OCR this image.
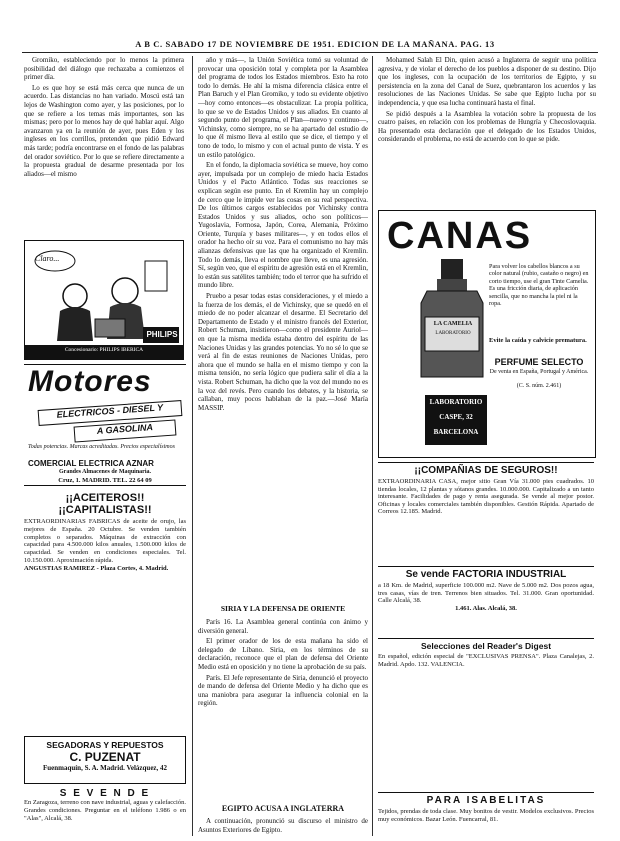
A B C. SABADO 17 DE NOVIEMBRE DE 1951. EDICION DE LA MAÑANA. PAG. 13

Gromiko, estableciendo por lo menos la primera posibilidad del diálogo que rechazaba a comienzos el primer día.

Lo es que hoy se está más cerca que nunca de un acuerdo. Las distancias no han variado. Moscú está tan lejos de Washington como ayer, y las posiciones, por lo que se refiere a los temas más importantes, son las mismas; pero por lo menos hay de qué hablar aquí. Algo avanzaron ya en la reunión de ayer, pues Eden y los ingleses en los corrillos, pretenden que pidió Edward más tarde; podría encontrarse en el fondo de las palabras del orador soviético. Por lo que se refiere directamente a la propuesta gradual de desarme presentada por los aliados—el mismo

año y más—, la Unión Soviética tomó su voluntad de provocar una oposición total y completa por la Asamblea del programa de todos los Estados miembros. Esto ha roto todo lo demás. He ahí la misma diferencia clásica entre el Plan Baruch y el Plan Gromiko, y todo su evidente objetivo—hoy como entonces—es obstaculizar. La propia política, lo que se ve de Estados Unidos y sus aliados. En cuanto al segundo punto del programa, el Plan—nuevo y continuo—, Vichinsky, como siempre, no se ha apartado del estudio de lo que él mismo lleva al estilo que se dice, el tiempo y el tono de todo, lo mismo y con el actual punto de vista. Y es un estilo patológico.

En el fondo, la diplomacia soviética se mueve, hoy como ayer, impulsada por un complejo de miedo hacia Estados Unidos y el Pacto Atlántico. Todas sus reacciones se explican según ese punto. En el Kremlin hay un complejo de cerco que le impide ver las cosas en su real perspectiva. De los últimos cargos establecidos por Vichinsky contra Estados Unidos y sus aliados, ocho son políticos—Yugoslavia, Formosa, Japón, Corea, Alemania, Próximo Oriente, Turquía y bases militares—, y en todos ellos el orador ha hecho oír su voz. Para el comunismo no hay más alianzas defensivas que las que ha organizado el Kremlin. Todo lo demás, lleva el nombre que lleve, es una agresión. Sí, según veo, que el espíritu de agresión está en el Kremlin, lo están sus satélites también; todo el terror que ha sufrido el mundo libre.

Pruebo a pesar todas estas consideraciones, y el miedo a la fuerza de los demás, el de Vichinsky, que se quedó en el miedo de no poder alcanzar el desarme. El Secretario del Departamento de Estado y el ministro francés del Exterior, Robert Schuman, insistieron—como el presidente Auriol—en que la misma medida estaba dentro del espíritu de las Naciones Unidas y las grandes potencias. Yo no sé lo que se verá al fin de estas reuniones de Naciones Unidas, pero ahora que el mundo se halla en el mismo tiempo y con la misma tensión, no sería lógico que pudiera salir el día a la vista. Robert Schuman, ha dicho que la voz del mundo no es la voz del revés. Pero cuando los debates, y la historia, se callaban, muy pocos hablaban de la paz.—José María MASSIP.

SIRIA Y LA DEFENSA DE ORIENTE

París 16. La Asamblea general continúa con ánimo y diversión general.

El primer orador de los de esta mañana ha sido el delegado de Líbano. Siria, en los términos de su declaración, reconoce que el plan de defensa del Oriente Medio está en oposición y no tiene la aprobación de su país.

París. El Jefe representante de Siria, denunció el proyecto de mando de defensa del Oriente Medio y ha dicho que es una maniobra para asegurar la influencia colonial en la región.

EGIPTO ACUSA A INGLATERRA

A continuación, pronunció su discurso el ministro de Asuntos Exteriores de Egipto.

Mohamed Salah El Din, quien acusó a Inglaterra de seguir una política agresiva, y de violar el derecho de los pueblos a disponer de su destino. Dijo que los ingleses, con la ocupación de los territorios de Egipto, y su persistencia en la zona del Canal de Suez, quebrantaron los acuerdos y las resoluciones de las Naciones Unidas. Se sabe que Egipto lucha por su independencia, y que esa lucha continuará hasta el final.

Se pidió después a la Asamblea la votación sobre la propuesta de los cuatro países, en relación con los problemas de Hungría y Checoslovaquia. Ha presentado esta declaración que el delegado de los Estados Unidos, considerando el problema, no está de acuerdo con lo que se pide.

Claro...
PHILIPS
Concesionario: PHILIPS IBERICA
Motores
ELECTRICOS - DIESEL Y
A GASOLINA
Todas potencias. Marcas acreditadas. Precios especialísimos
COMERCIAL ELECTRICA AZNAR
Grandes Almacenes de Maquinaria.
Cruz, 1. MADRID. TEL. 22 64 09
¡¡ACEITEROS!!
¡¡CAPITALISTAS!!
EXTRAORDINARIAS FABRICAS de aceite de orujo, las mejores de España. 20 Octubre. Se venden también completos o separados. Máquinas de extracción con capacidad para 4.500.000 kilos anuales, 1.500.000 kilos de capacidad. Se venden en condiciones especiales. Tel. 10.150.000. Aproximación rápida.
ANGUSTIAS RAMIREZ - Plaza Cortes, 4. Madrid.
SEGADORAS Y REPUESTOS
C. PUZENAT
Fuenmaquín, S. A. Madrid. Velázquez, 42
S E V E N D E
En Zaragoza, terreno con nave industrial, aguas y calefacción. Grandes condiciones. Preguntar en el teléfono 1.986 o en "Alas", Alcalá, 38.
CANAS
LA CAMELIA
LABORATORIO
Para volver los cabellos blancos a su color natural (rubio, castaño o negro) en corto tiempo, use el gran Tinte Camelia. Es una fricción diaria, de aplicación sencilla, que no mancha la piel ni la ropa.
Evite la caída y calvicie prematura.
PERFUME SELECTO
De venta en España, Portugal y América.
(C. S. núm. 2.461)
LABORATORIO
CASPE, 32
BARCELONA
¡¡COMPAÑIAS DE SEGUROS!!
EXTRAORDINARIA CASA, mejor sitio Gran Vía 31.000 pies cuadrados. 10 tiendas locales, 12 plantas y sótanos grandes. 10.000.000. Capitalizado a un tanto interesante. Facilidades de pago y renta asegurada. Se vende al mejor postor. Oficinas y locales comerciales también disponibles. Gestión Rápida. Apartado de Correos 12.185. Madrid.
Se vende FACTORIA INDUSTRIAL
a 18 Km. de Madrid, superficie 100.000 m2. Nave de 5.000 m2. Dos pozos agua, tres casas, vías de tren. Terrenos bien situados. Tel. 31.000. Gran oportunidad. Calle Alcalá, 38.
1.461. Alas. Alcalá, 38.
Selecciones del Reader's Digest
En español, edición especial de "EXCLUSIVAS PRENSA". Plaza Canalejas, 2. Madrid. Apdo. 132. VALENCIA.
PARA ISABELITAS
Tejidos, prendas de toda clase. Muy bonitos de vestir. Modelos exclusivos. Precios muy económicos. Bazar León. Fuencarral, 81.
